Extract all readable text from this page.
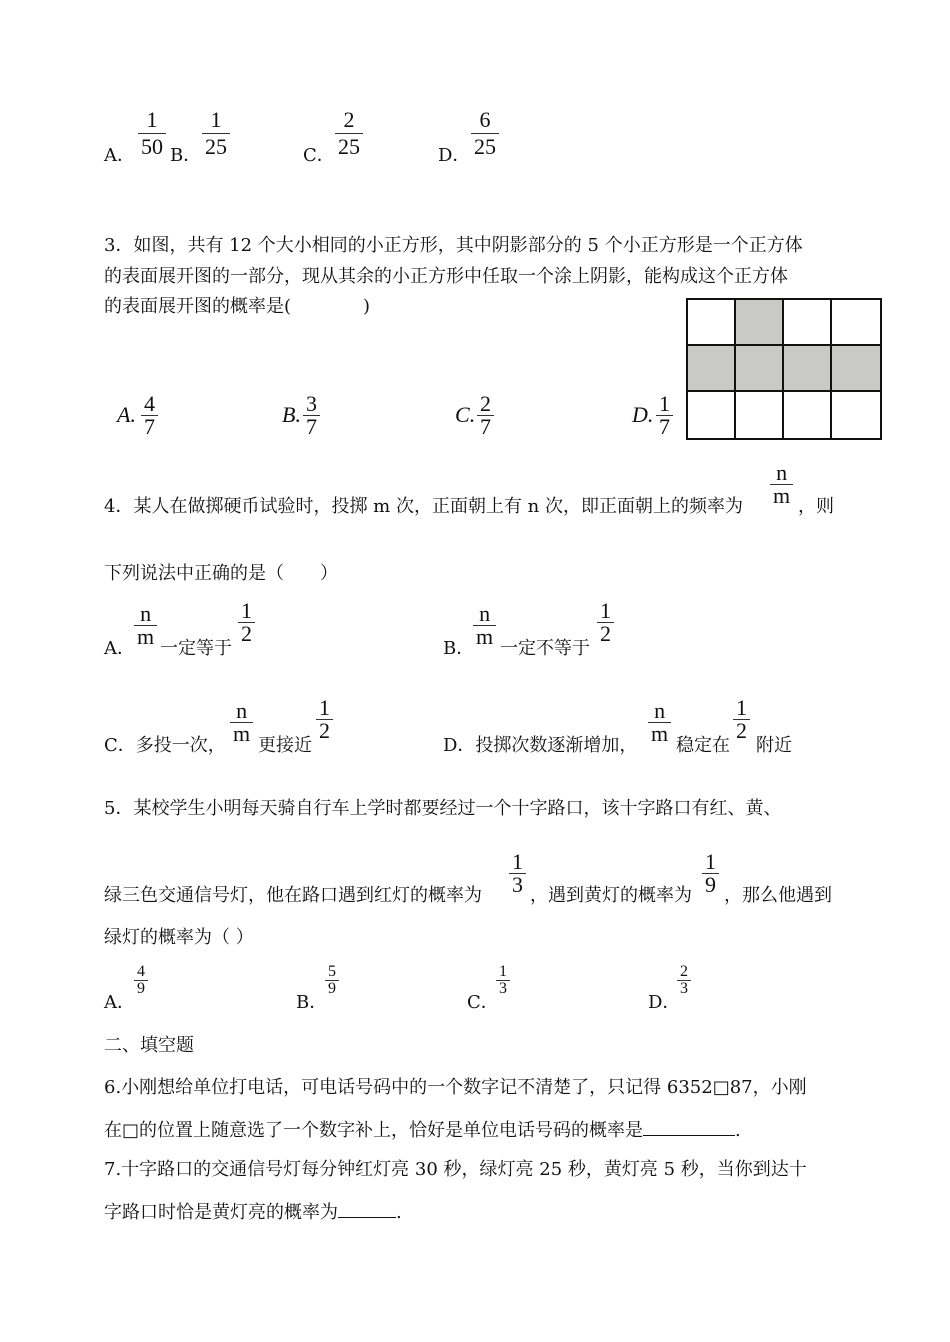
A．
1
50 B．
1
25	C．
2
25	D．
6
25
3．如图，共有 12 个大小相同的小正方形，其中阴影部分的 5 个小正方形是一个正方体
的表面展开图的一部分，现从其余的小正方形中任取一个涂上阴影，能构成这个正方体
的表面展开图的概率是(　　　　)
A. 4
7	B. 3
7	C. 2
7	D. 1
7
4．某人在做掷硬币试验时，投掷 m 次，正面朝上有 n 次，即正面朝上的频率为
n
m ，则
下列说法中正确的是（　　）
A．
n
m 一定等于
1
2
B．
n
m 一定不等于
1
2
C．多投一次，
n
m 更接近
1
2
D．投掷次数逐渐增加，
n
m 稳定在
1
2
附近
5．某校学生小明每天骑自行车上学时都要经过一个十字路口，该十字路口有红、黄、
绿三色交通信号灯，他在路口遇到红灯的概率为
1
3 ，遇到黄灯的概率为
1
9 ，那么他遇到
绿灯的概率为（ ）
A．
4
9
B．
5
9
C．
1
3
D．
2
3
二、填空题
6.小刚想给单位打电话，可电话号码中的一个数字记不清楚了，只记得 6352□87，小刚
在□的位置上随意选了一个数字补上，恰好是单位电话号码的概率是	.
7.十字路口的交通信号灯每分钟红灯亮 30 秒，绿灯亮 25 秒，黄灯亮 5 秒，当你到达十
字路口时恰是黄灯亮的概率为	.
